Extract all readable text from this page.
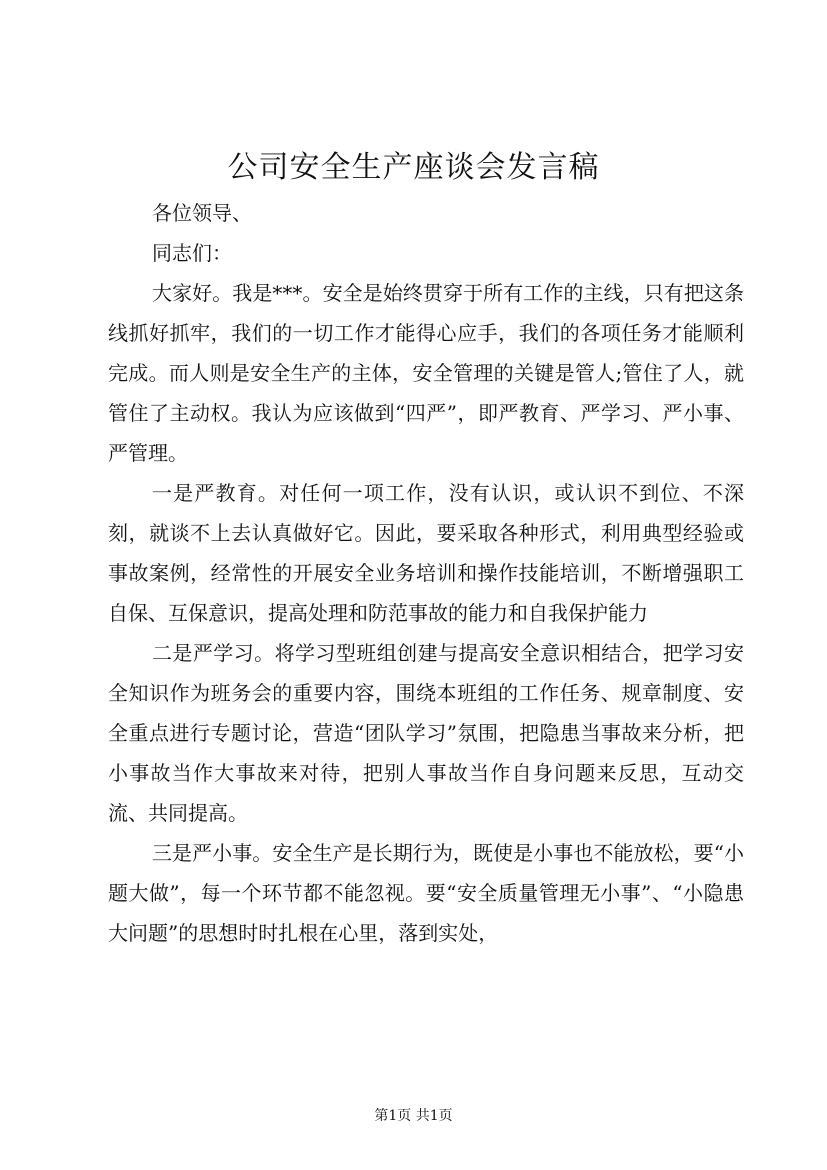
公司安全生产座谈会发言稿

各位领导、

同志们：

大家好。我是***。安全是始终贯穿于所有工作的主线，只有把这条线抓好抓牢，我们的一切工作才能得心应手，我们的各项任务才能顺利完成。而人则是安全生产的主体，安全管理的关键是管人;管住了人，就管住了主动权。我认为应该做到“四严”，即严教育、严学习、严小事、严管理。

一是严教育。对任何一项工作，没有认识，或认识不到位、不深刻，就谈不上去认真做好它。因此，要采取各种形式，利用典型经验或事故案例，经常性的开展安全业务培训和操作技能培训，不断增强职工自保、互保意识，提高处理和防范事故的能力和自我保护能力

二是严学习。将学习型班组创建与提高安全意识相结合，把学习安全知识作为班务会的重要内容，围绕本班组的工作任务、规章制度、安全重点进行专题讨论，营造“团队学习”氛围，把隐患当事故来分析，把小事故当作大事故来对待，把别人事故当作自身问题来反思，互动交流、共同提高。

三是严小事。安全生产是长期行为，既使是小事也不能放松，要“小题大做”，每一个环节都不能忽视。要“安全质量管理无小事”、“小隐患大问题”的思想时时扎根在心里，落到实处，

第1页 共1页
